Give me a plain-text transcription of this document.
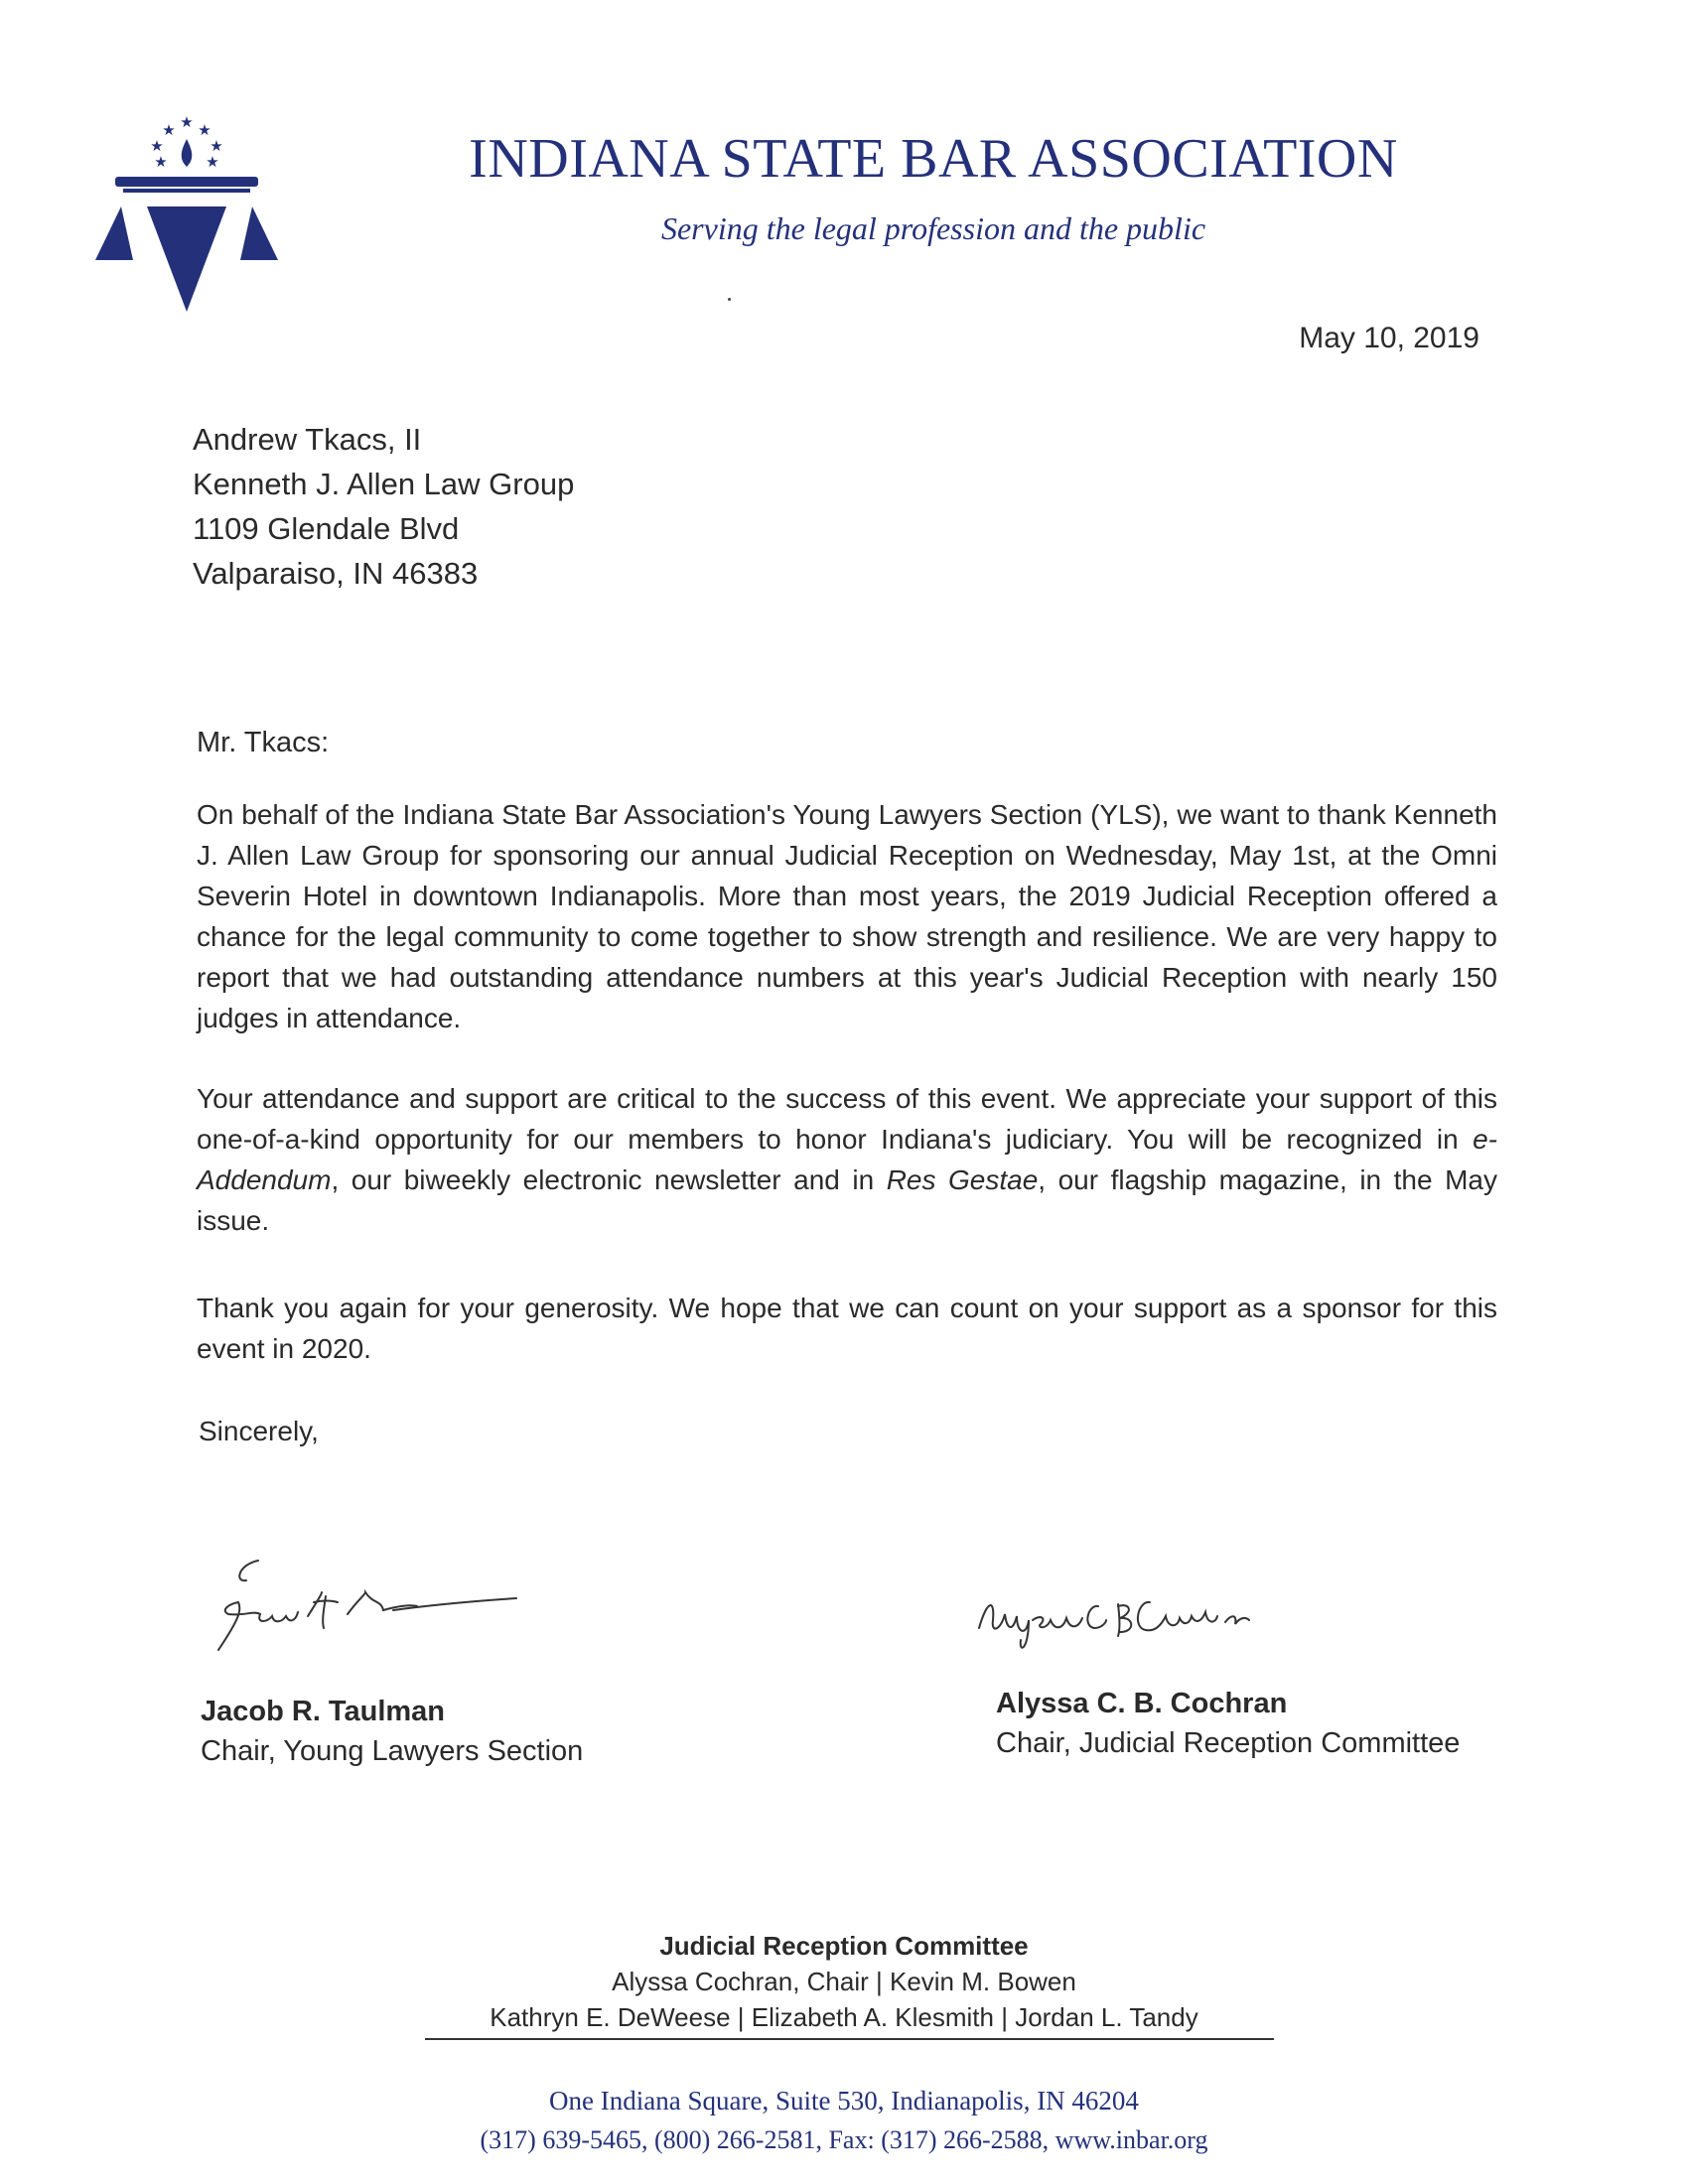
★ ★ ★
★	★
★	★	INDIANA STATE BAR ASSOCIATION
Serving the legal profession and the public
May 10, 2019
Andrew Tkacs, II
Kenneth J. Allen Law Group
1109 Glendale Blvd
Valparaiso, IN 46383
Mr. Tkacs:
On behalf of the Indiana State Bar Association's Young Lawyers Section (YLS), we want to thank Kenneth J. Allen Law Group for sponsoring our annual Judicial Reception on Wednesday, May 1st, at the Omni Severin Hotel in downtown Indianapolis. More than most years, the 2019 Judicial Reception offered a chance for the legal community to come together to show strength and resilience. We are very happy to report that we had outstanding attendance numbers at this year's Judicial Reception with nearly 150 judges in attendance.
Your attendance and support are critical to the success of this event. We appreciate your support of this one-of-a-kind opportunity for our members to honor Indiana's judiciary. You will be recognized in e-Addendum, our biweekly electronic newsletter and in Res Gestae, our flagship magazine, in the May issue.
Thank you again for your generosity. We hope that we can count on your support as a sponsor for this event in 2020.
Sincerely,
Jacob R. Taulman
Chair, Young Lawyers Section
Alyssa C. B. Cochran
Chair, Judicial Reception Committee
Judicial Reception Committee
Alyssa Cochran, Chair | Kevin M. Bowen
Kathryn E. DeWeese | Elizabeth A. Klesmith | Jordan L. Tandy
One Indiana Square, Suite 530, Indianapolis, IN 46204
(317) 639-5465, (800) 266-2581, Fax: (317) 266-2588, www.inbar.org
